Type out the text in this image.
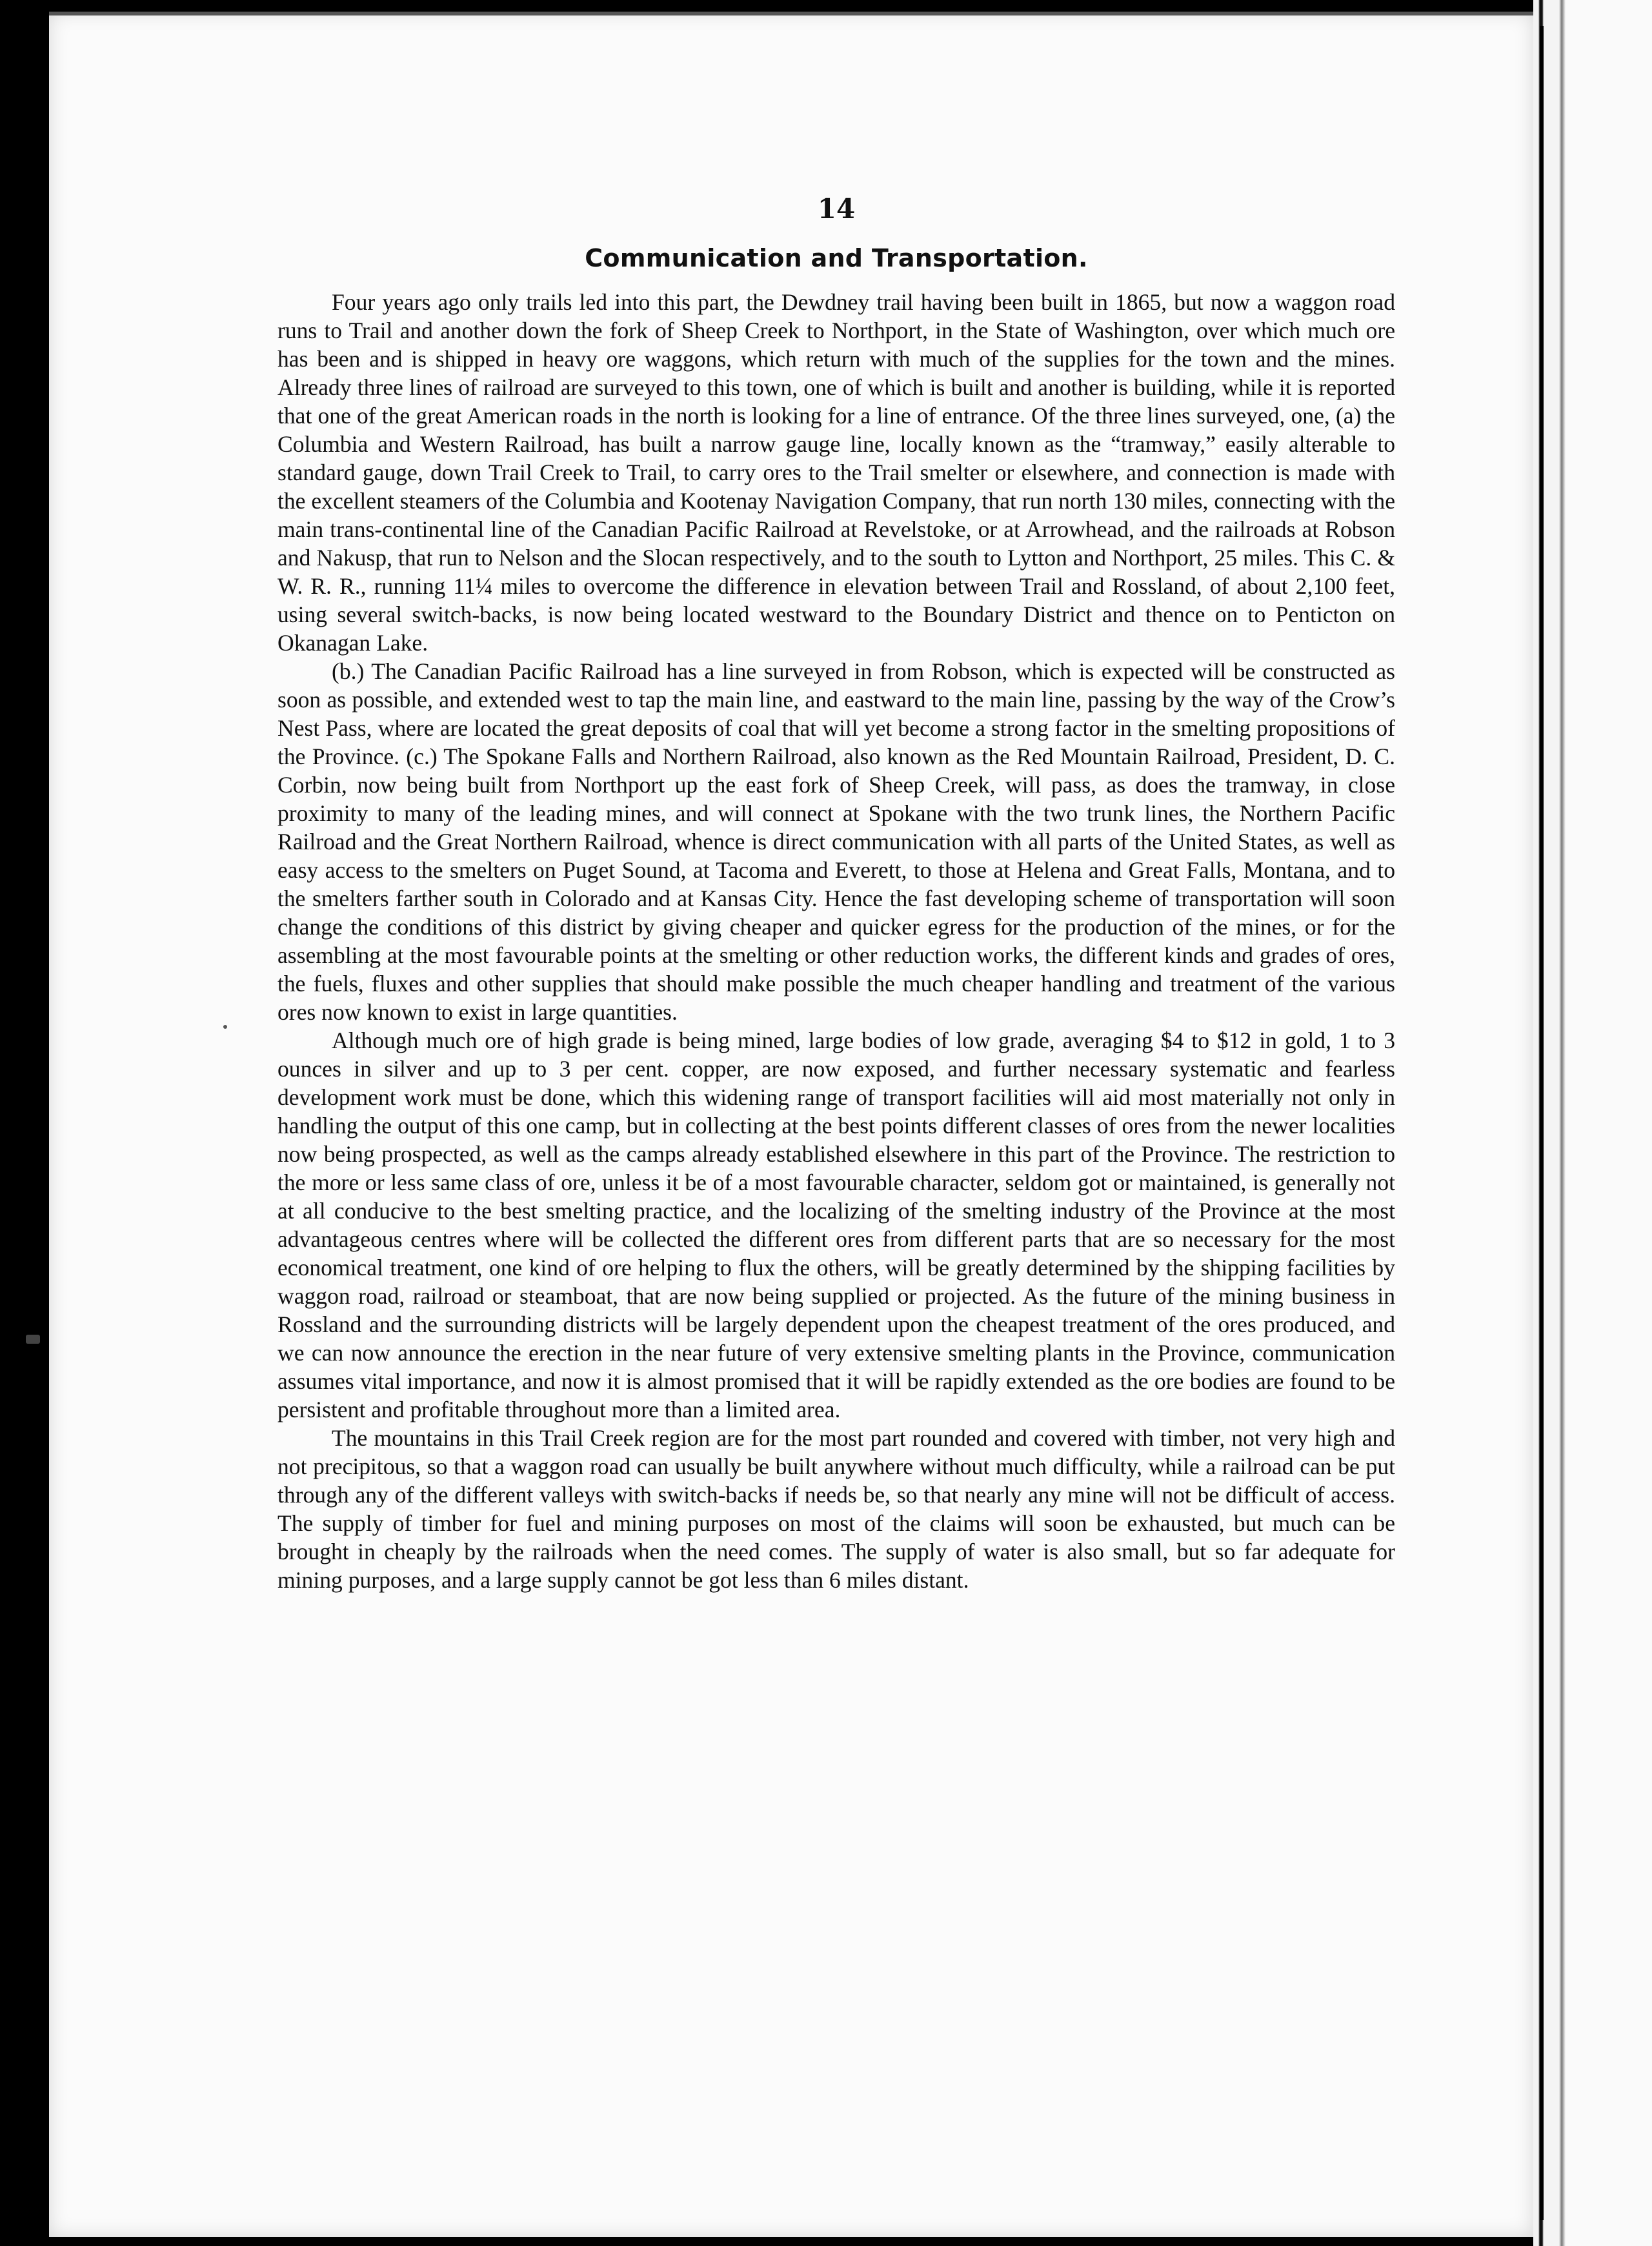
14
Communication and Transportation.

Four years ago only trails led into this part, the Dewdney trail having been built in 1865, but now a waggon road runs to Trail and another down the fork of Sheep Creek to Northport, in the State of Washington, over which much ore has been and is shipped in heavy ore waggons, which return with much of the supplies for the town and the mines. Already three lines of railroad are surveyed to this town, one of which is built and another is building, while it is reported that one of the great American roads in the north is looking for a line of entrance. Of the three lines surveyed, one, (a) the Columbia and Western Railroad, has built a narrow gauge line, locally known as the “tramway,” easily alterable to standard gauge, down Trail Creek to Trail, to carry ores to the Trail smelter or elsewhere, and connection is made with the excellent steamers of the Columbia and Kootenay Navigation Company, that run north 130 miles, connecting with the main trans-continental line of the Canadian Pacific Railroad at Revelstoke, or at Arrowhead, and the railroads at Robson and Nakusp, that run to Nelson and the Slocan respectively, and to the south to Lytton and Northport, 25 miles. This C. & W. R. R., running 11¼ miles to overcome the difference in elevation between Trail and Rossland, of about 2,100 feet, using several switch-backs, is now being located westward to the Boundary District and thence on to Penticton on Okanagan Lake.

(b.) The Canadian Pacific Railroad has a line surveyed in from Robson, which is expected will be constructed as soon as possible, and extended west to tap the main line, and eastward to the main line, passing by the way of the Crow’s Nest Pass, where are located the great deposits of coal that will yet become a strong factor in the smelting propositions of the Province. (c.) The Spokane Falls and Northern Railroad, also known as the Red Mountain Railroad, President, D. C. Corbin, now being built from Northport up the east fork of Sheep Creek, will pass, as does the tramway, in close proximity to many of the leading mines, and will connect at Spokane with the two trunk lines, the Northern Pacific Railroad and the Great Northern Railroad, whence is direct communication with all parts of the United States, as well as easy access to the smelters on Puget Sound, at Tacoma and Everett, to those at Helena and Great Falls, Montana, and to the smelters farther south in Colorado and at Kansas City. Hence the fast developing scheme of transportation will soon change the conditions of this district by giving cheaper and quicker egress for the production of the mines, or for the assembling at the most favourable points at the smelting or other reduction works, the different kinds and grades of ores, the fuels, fluxes and other supplies that should make possible the much cheaper handling and treatment of the various ores now known to exist in large quantities.

Although much ore of high grade is being mined, large bodies of low grade, averaging $4 to $12 in gold, 1 to 3 ounces in silver and up to 3 per cent. copper, are now exposed, and further necessary systematic and fearless development work must be done, which this widening range of transport facilities will aid most materially not only in handling the output of this one camp, but in collecting at the best points different classes of ores from the newer localities now being prospected, as well as the camps already established elsewhere in this part of the Province. The restriction to the more or less same class of ore, unless it be of a most favourable character, seldom got or maintained, is generally not at all conducive to the best smelting practice, and the localizing of the smelting industry of the Province at the most advantageous centres where will be collected the different ores from different parts that are so necessary for the most economical treatment, one kind of ore helping to flux the others, will be greatly determined by the shipping facilities by waggon road, railroad or steamboat, that are now being supplied or projected. As the future of the mining business in Rossland and the surrounding districts will be largely dependent upon the cheapest treatment of the ores produced, and we can now announce the erection in the near future of very extensive smelting plants in the Province, communication assumes vital importance, and now it is almost promised that it will be rapidly extended as the ore bodies are found to be persistent and profitable throughout more than a limited area.

The mountains in this Trail Creek region are for the most part rounded and covered with timber, not very high and not precipitous, so that a waggon road can usually be built anywhere without much difficulty, while a railroad can be put through any of the different valleys with switch-backs if needs be, so that nearly any mine will not be difficult of access. The supply of timber for fuel and mining purposes on most of the claims will soon be exhausted, but much can be brought in cheaply by the railroads when the need comes. The supply of water is also small, but so far adequate for mining purposes, and a large supply cannot be got less than 6 miles distant.
